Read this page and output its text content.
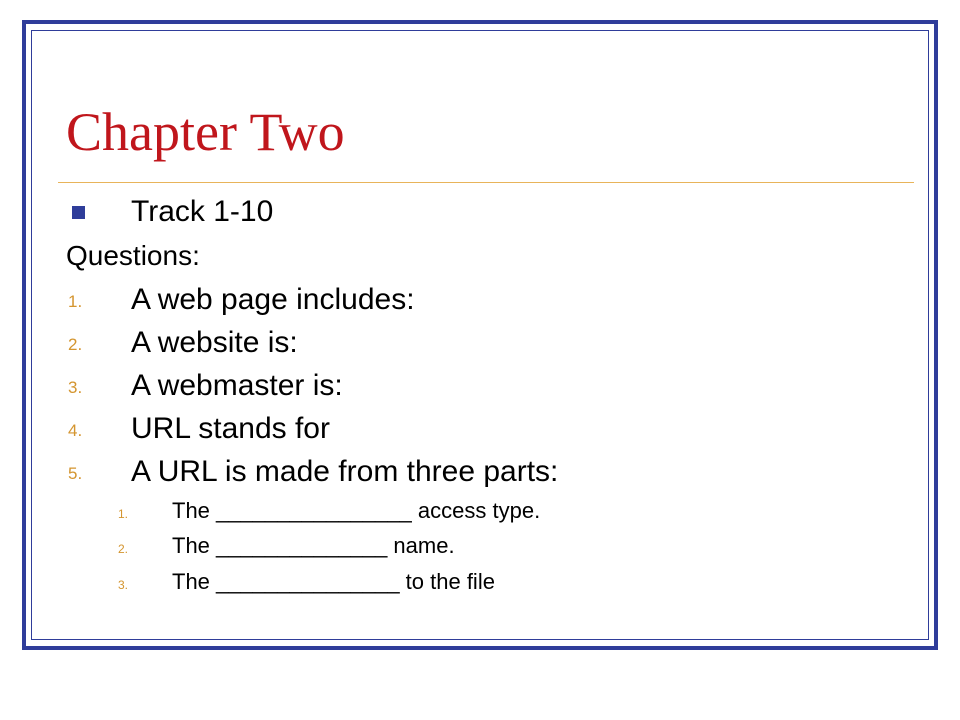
Chapter Two
Track 1-10
Questions:
1. A web page includes:
2. A website is:
3. A webmaster is:
4. URL stands for
5. A URL is made from three parts:
1. The ________________ access type.
2. The ______________ name.
3. The _______________ to the file
